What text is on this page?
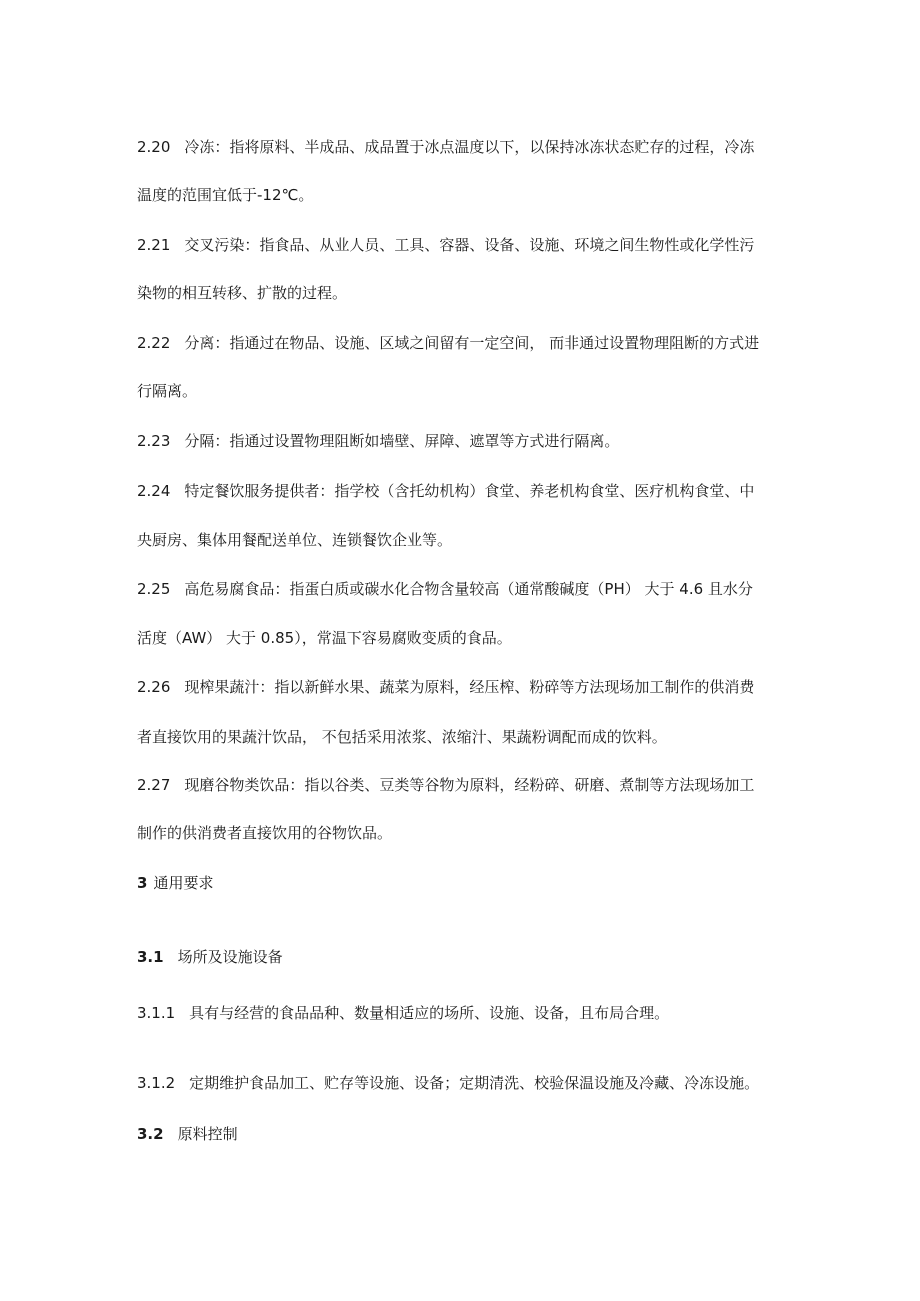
2.20 冷冻：指将原料、半成品、成品置于冰点温度以下，以保持冰冻状态贮存的过程，冷冻
温度的范围宜低于-12℃。
2.21 交叉污染：指食品、从业人员、工具、容器、设备、设施、环境之间生物性或化学性污
染物的相互转移、扩散的过程。
2.22 分离：指通过在物品、设施、区域之间留有一定空间， 而非通过设置物理阻断的方式进
行隔离。
2.23 分隔：指通过设置物理阻断如墙壁、屏障、遮罩等方式进行隔离。
2.24 特定餐饮服务提供者：指学校（含托幼机构）食堂、养老机构食堂、医疗机构食堂、中
央厨房、集体用餐配送单位、连锁餐饮企业等。
2.25 高危易腐食品：指蛋白质或碳水化合物含量较高（通常酸碱度（PH） 大于 4.6 且水分
活度（AW） 大于 0.85），常温下容易腐败变质的食品。
2.26 现榨果蔬汁：指以新鲜水果、蔬菜为原料，经压榨、粉碎等方法现场加工制作的供消费
者直接饮用的果蔬汁饮品， 不包括采用浓浆、浓缩汁、果蔬粉调配而成的饮料。
2.27 现磨谷物类饮品：指以谷类、豆类等谷物为原料，经粉碎、研磨、煮制等方法现场加工
制作的供消费者直接饮用的谷物饮品。
3 通用要求
3.1 场所及设施设备
3.1.1 具有与经营的食品品种、数量相适应的场所、设施、设备，且布局合理。
3.1.2 定期维护食品加工、贮存等设施、设备；定期清洗、校验保温设施及冷藏、冷冻设施。
3.2 原料控制
